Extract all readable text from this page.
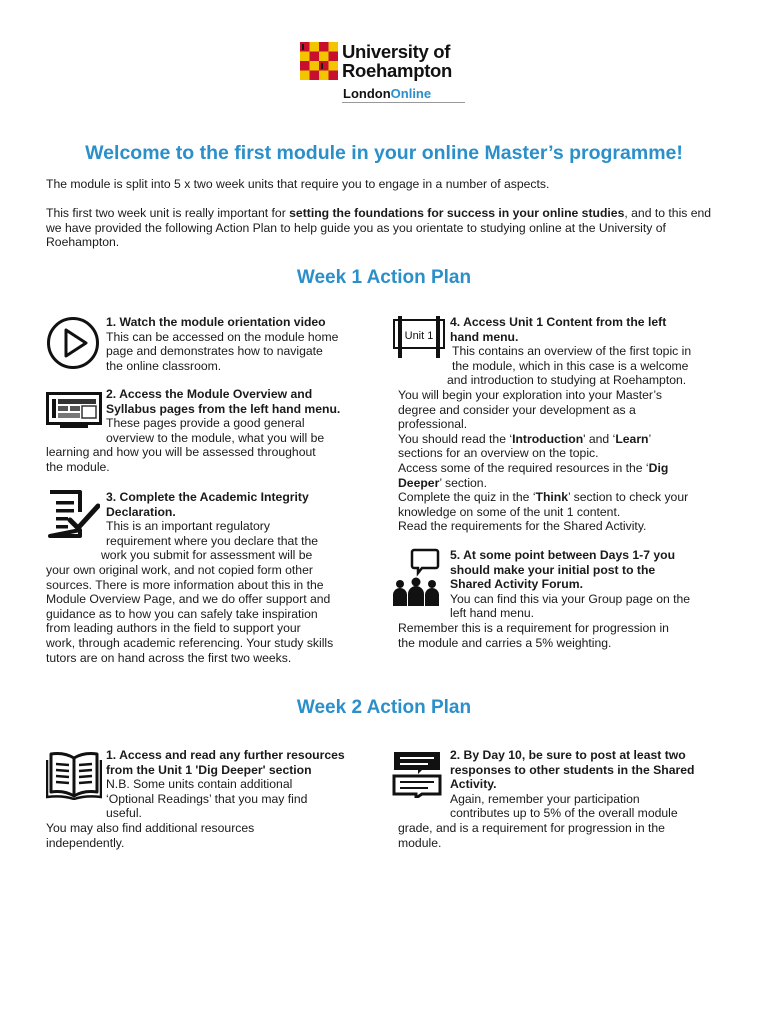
University of
Roehampton
LondonOnline
Welcome to the first module in your online Master’s programme!
The module is split into 5 x two week units that require you to engage in a number of aspects.
This first two week unit is really important for setting the foundations for success in your online studies, and to this end we have provided the following Action Plan to help guide you as you orientate to studying online at the University of Roehampton.
Week 1 Action Plan
1. Watch the module orientation video
This can be accessed on the module home
page and demonstrates how to navigate
the online classroom.
2. Access the Module Overview and
Syllabus pages from the left hand menu.
These pages provide a good general
overview to the module, what you will be
learning and how you will be assessed throughout
the module.
3. Complete the Academic Integrity
Declaration.
This is an important regulatory
requirement where you declare that the
work you submit for assessment will be
your own original work, and not copied form other
sources. There is more information about this in the
Module Overview Page, and we do offer support and
guidance as to how you can safely take inspiration
from leading authors in the field to support your
work, through academic referencing. Your study skills
tutors are on hand across the first two weeks.
Unit 1
4. Access Unit 1 Content from the left
hand menu.
This contains an overview of the first topic in
the module, which in this case is a welcome
and introduction to studying at Roehampton.
You will begin your exploration into your Master’s
degree and consider your development as a
professional.
You should read the ‘Introduction' and ‘Learn’
sections for an overview on the topic.
Access some of the required resources in the ‘Dig
Deeper’ section.
Complete the quiz in the ‘Think’ section to check your
knowledge on some of the unit 1 content.
Read the requirements for the Shared Activity.
5. At some point between Days 1-7 you
should make your initial post to the
Shared Activity Forum.
You can find this via your Group page on the
left hand menu.
Remember this is a requirement for progression in
the module and carries a 5% weighting.
Week 2 Action Plan
1. Access and read any further resources
from the Unit 1 'Dig Deeper' section
N.B. Some units contain additional
‘Optional Readings’ that you may find
useful.
You may also find additional resources
independently.
2. By Day 10, be sure to post at least two
responses to other students in the Shared
Activity.
Again, remember your participation
contributes up to 5% of the overall module
grade, and is a requirement for progression in the
module.
